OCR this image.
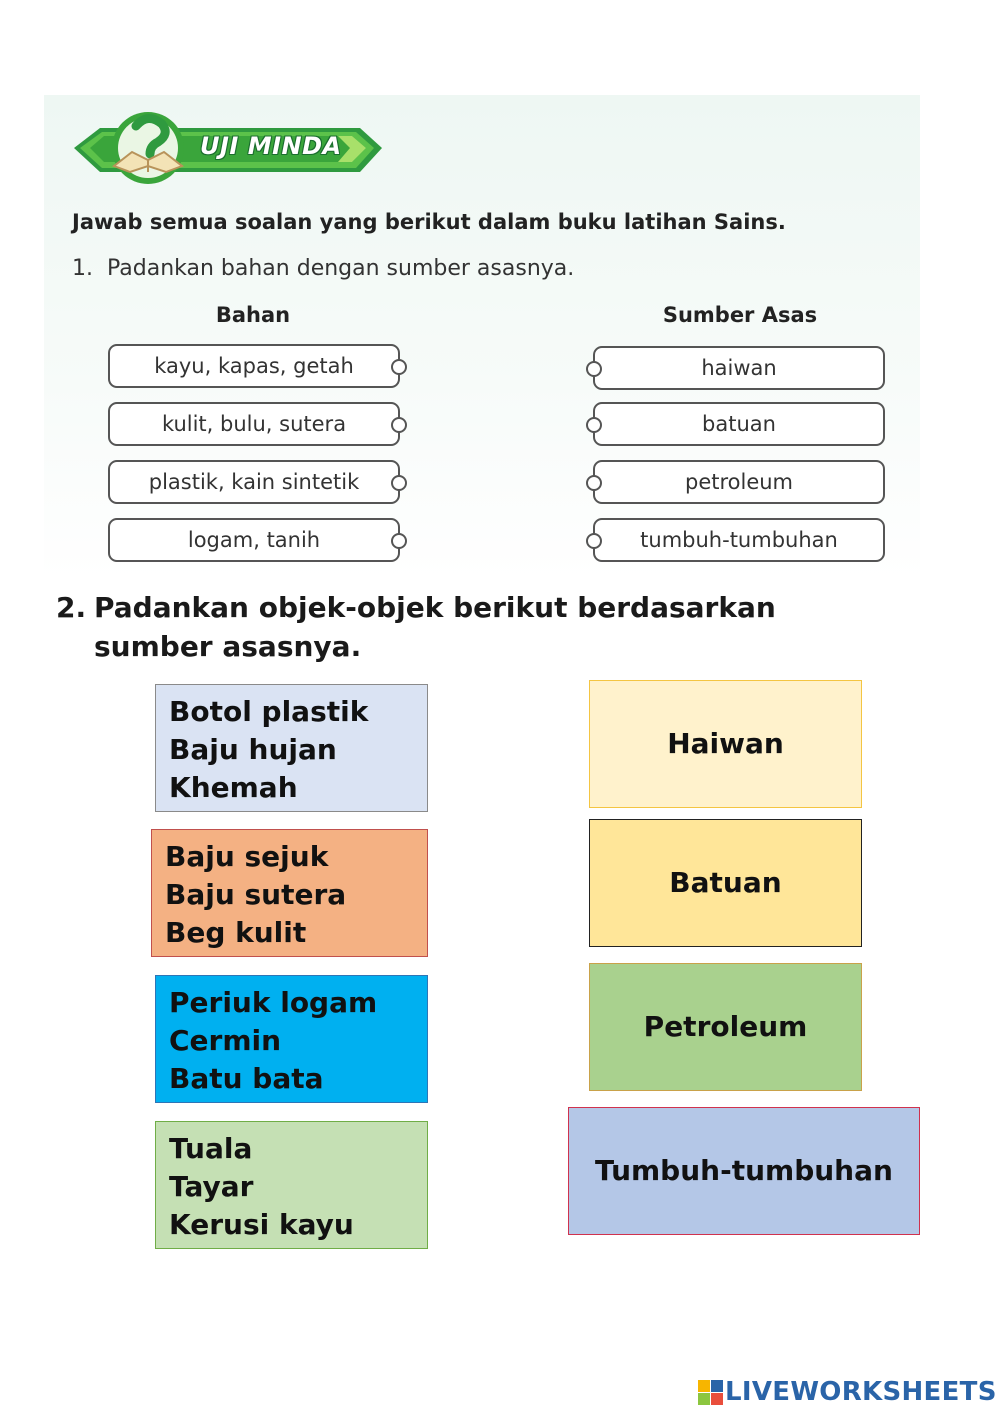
UJI MINDA
Jawab semua soalan yang berikut dalam buku latihan Sains.
1. Padankan bahan dengan sumber asasnya.
Bahan	Sumber Asas
kayu, kapas, getah
kulit, bulu, sutera
plastik, kain sintetik
logam, tanih
haiwan
batuan
petroleum
tumbuh-tumbuhan
2. Padankan objek-objek berikut berdasarkan
sumber asasnya.
Botol plastik
Baju hujan
Khemah
Baju sejuk
Baju sutera
Beg kulit
Periuk logam
Cermin
Batu bata
Tuala
Tayar
Kerusi kayu
Haiwan
Batuan
Petroleum
Tumbuh-tumbuhan
LIVEWORKSHEETS
